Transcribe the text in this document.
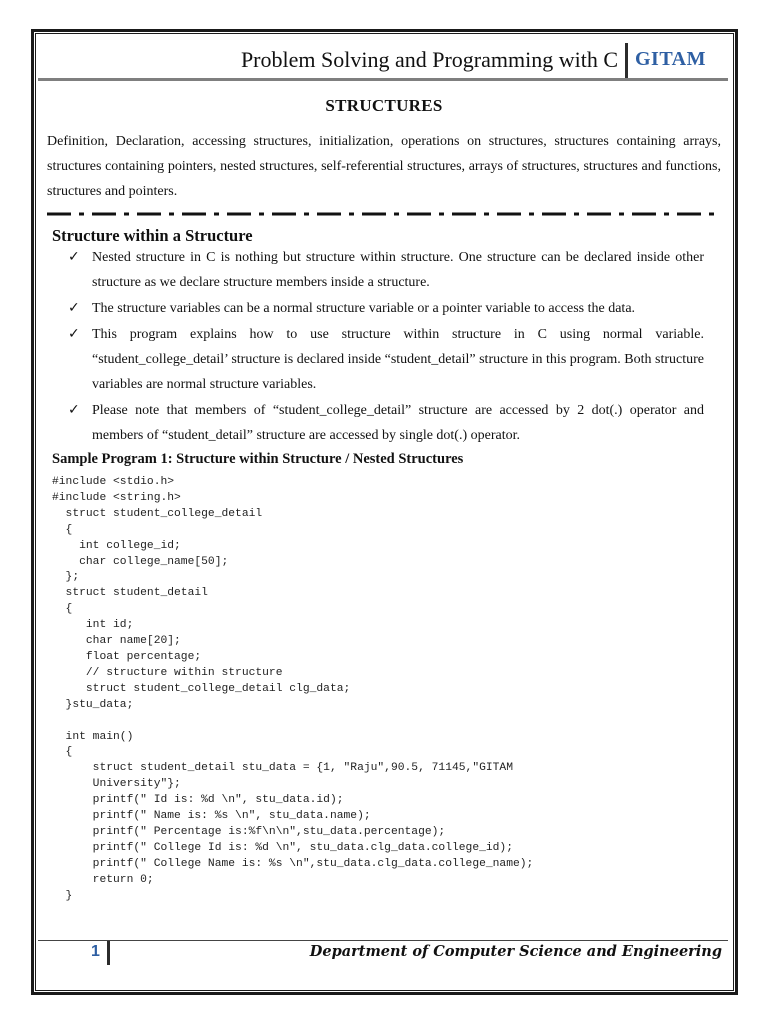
Problem Solving and Programming with C GITAM
STRUCTURES
Definition, Declaration, accessing structures, initialization, operations on structures, structures containing arrays, structures containing pointers, nested structures, self-referential structures, arrays of structures, structures and functions, structures and pointers.
Structure within a Structure
✓ Nested structure in C is nothing but structure within structure. One structure can be declared inside other structure as we declare structure members inside a structure.
✓ The structure variables can be a normal structure variable or a pointer variable to access the data.
✓ This program explains how to use structure within structure in C using normal variable. “student_college_detail’ structure is declared inside “student_detail” structure in this program. Both structure variables are normal structure variables.
✓ Please note that members of “student_college_detail” structure are accessed by 2 dot(.) operator and members of “student_detail” structure are accessed by single dot(.) operator.
Sample Program 1: Structure within Structure / Nested Structures
#include <stdio.h>
#include <string.h>
struct student_college_detail
{
int college_id;
char college_name[50];
};
struct student_detail
{
int id;
char name[20];
float percentage;
// structure within structure
struct student_college_detail clg_data;
}stu_data;

int main()
{
struct student_detail stu_data = {1, "Raju",90.5, 71145,"GITAM
University"};
printf(" Id is: %d \n", stu_data.id);
printf(" Name is: %s \n", stu_data.name);
printf(" Percentage is:%f\n\n",stu_data.percentage);
printf(" College Id is: %d \n", stu_data.clg_data.college_id);
printf(" College Name is: %s \n",stu_data.clg_data.college_name);
return 0;
}
1	Department of Computer Science and Engineering
